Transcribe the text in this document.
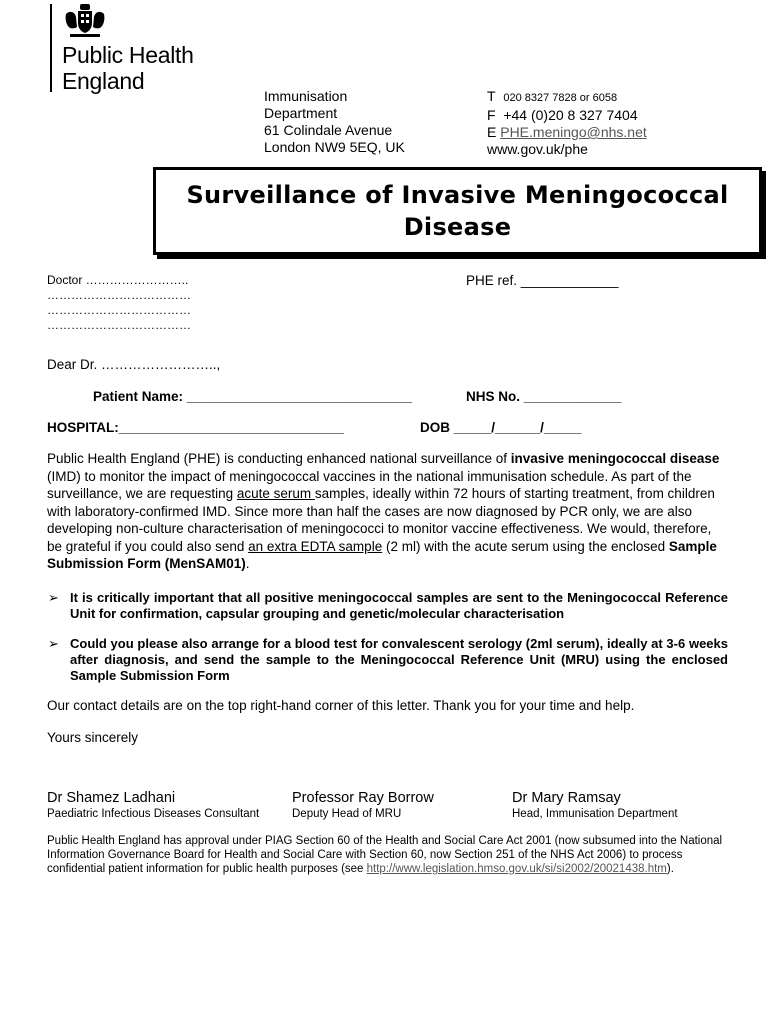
Public Health
England
Immunisation
Department
61 Colindale Avenue
London NW9 5EQ, UK
T 020 8327 7828 or 6058
F +44 (0)20 8 327 7404
E PHE.meningo@nhs.net
www.gov.uk/phe
Surveillance of Invasive Meningococcal
Disease
Doctor ……………………..
………………………………
………………………………
………………………………
PHE ref. _____________
Dear Dr. ……………………..,
Patient Name: ______________________________	NHS No. _____________
HOSPITAL:______________________________	DOB _____/______/_____
Public Health England (PHE) is conducting enhanced national surveillance of invasive meningococcal disease (IMD) to monitor the impact of meningococcal vaccines in the national immunisation schedule. As part of the surveillance, we are requesting acute serum samples, ideally within 72 hours of starting treatment, from children with laboratory-confirmed IMD. Since more than half the cases are now diagnosed by PCR only, we are also developing non-culture characterisation of meningococci to monitor vaccine effectiveness. We would, therefore, be grateful if you could also send an extra EDTA sample (2 ml) with the acute serum using the enclosed Sample Submission Form (MenSAM01).
➢ It is critically important that all positive meningococcal samples are sent to the Meningococcal Reference Unit for confirmation, capsular grouping and genetic/molecular characterisation
➢ Could you please also arrange for a blood test for convalescent serology (2ml serum), ideally at 3-6 weeks after diagnosis, and send the sample to the Meningococcal Reference Unit (MRU) using the enclosed Sample Submission Form
Our contact details are on the top right-hand corner of this letter. Thank you for your time and help.
Yours sincerely
Dr Shamez Ladhani
Paediatric Infectious Diseases Consultant
Professor Ray Borrow
Deputy Head of MRU
Dr Mary Ramsay
Head, Immunisation Department
Public Health England has approval under PIAG Section 60 of the Health and Social Care Act 2001 (now subsumed into the National Information Governance Board for Health and Social Care with Section 60, now Section 251 of the NHS Act 2006) to process confidential patient information for public health purposes (see http://www.legislation.hmso.gov.uk/si/si2002/20021438.htm).
